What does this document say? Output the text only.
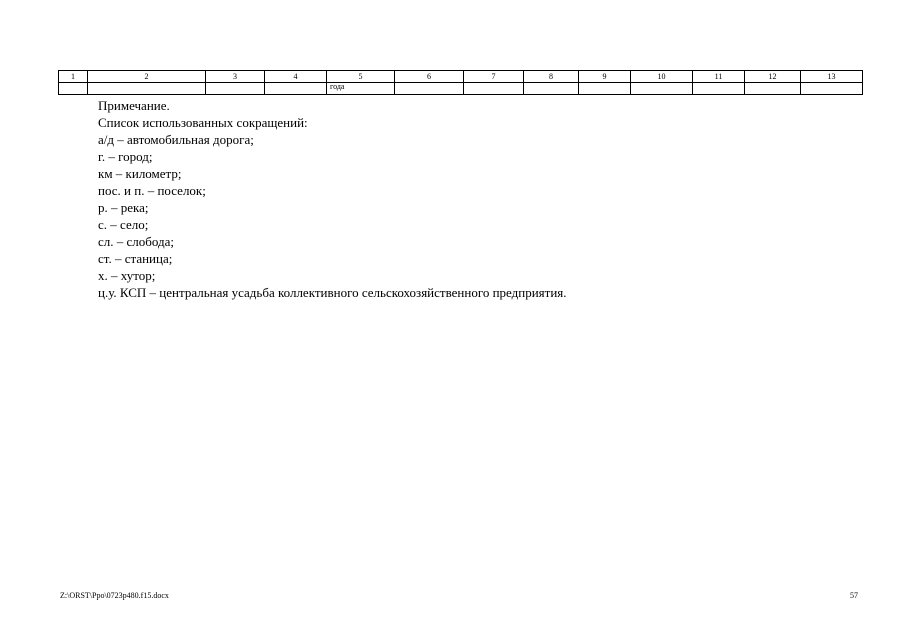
1	2	3	4	5	6	7	8	9	10	11	12	13
				года								
Примечание.
Список использованных сокращений:
а/д – автомобильная дорога;
г. – город;
км – километр;
пос. и п. – поселок;
р. – река;
с. – село;
сл. – слобода;
ст. – станица;
х. – хутор;
ц.у. КСП – центральная усадьба коллективного сельскохозяйственного предприятия.
Z:\ORST\Ppo\0723p480.f15.docx	57
